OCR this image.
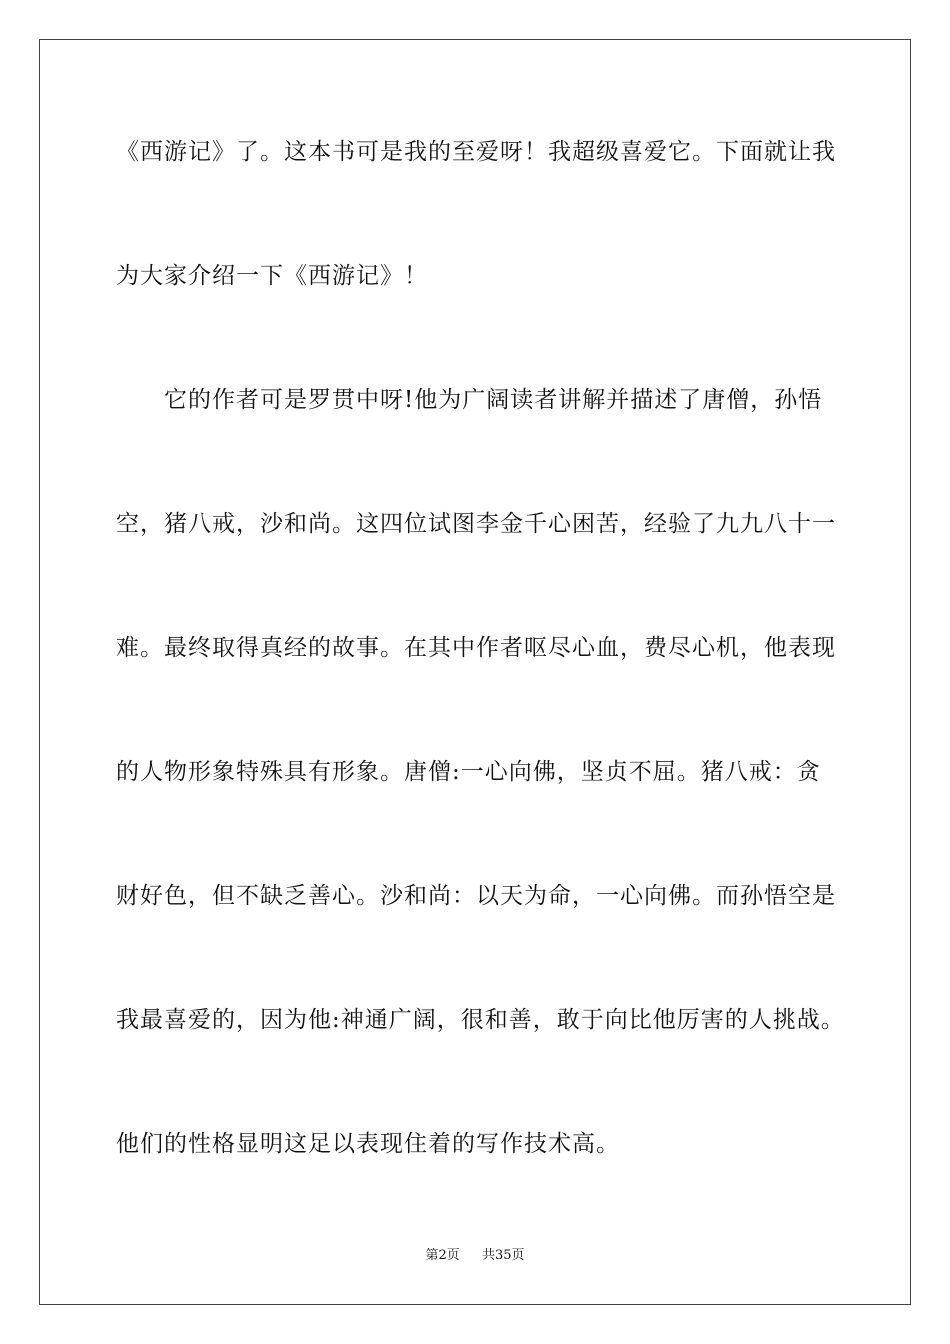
《西游记》了。这本书可是我的至爱呀！我超级喜爱它。下面就让我
为大家介绍一下《西游记》！
它的作者可是罗贯中呀!他为广阔读者讲解并描述了唐僧，孙悟
空，猪八戒，沙和尚。这四位试图李金千心困苦，经验了九九八十一
难。最终取得真经的故事。在其中作者呕尽心血，费尽心机，他表现
的人物形象特殊具有形象。唐僧:一心向佛，坚贞不屈。猪八戒：贪
财好色，但不缺乏善心。沙和尚：以天为命，一心向佛。而孙悟空是
我最喜爱的，因为他:神通广阔，很和善，敢于向比他厉害的人挑战。
他们的性格显明这足以表现住着的写作技术高。
第2页 共35页
